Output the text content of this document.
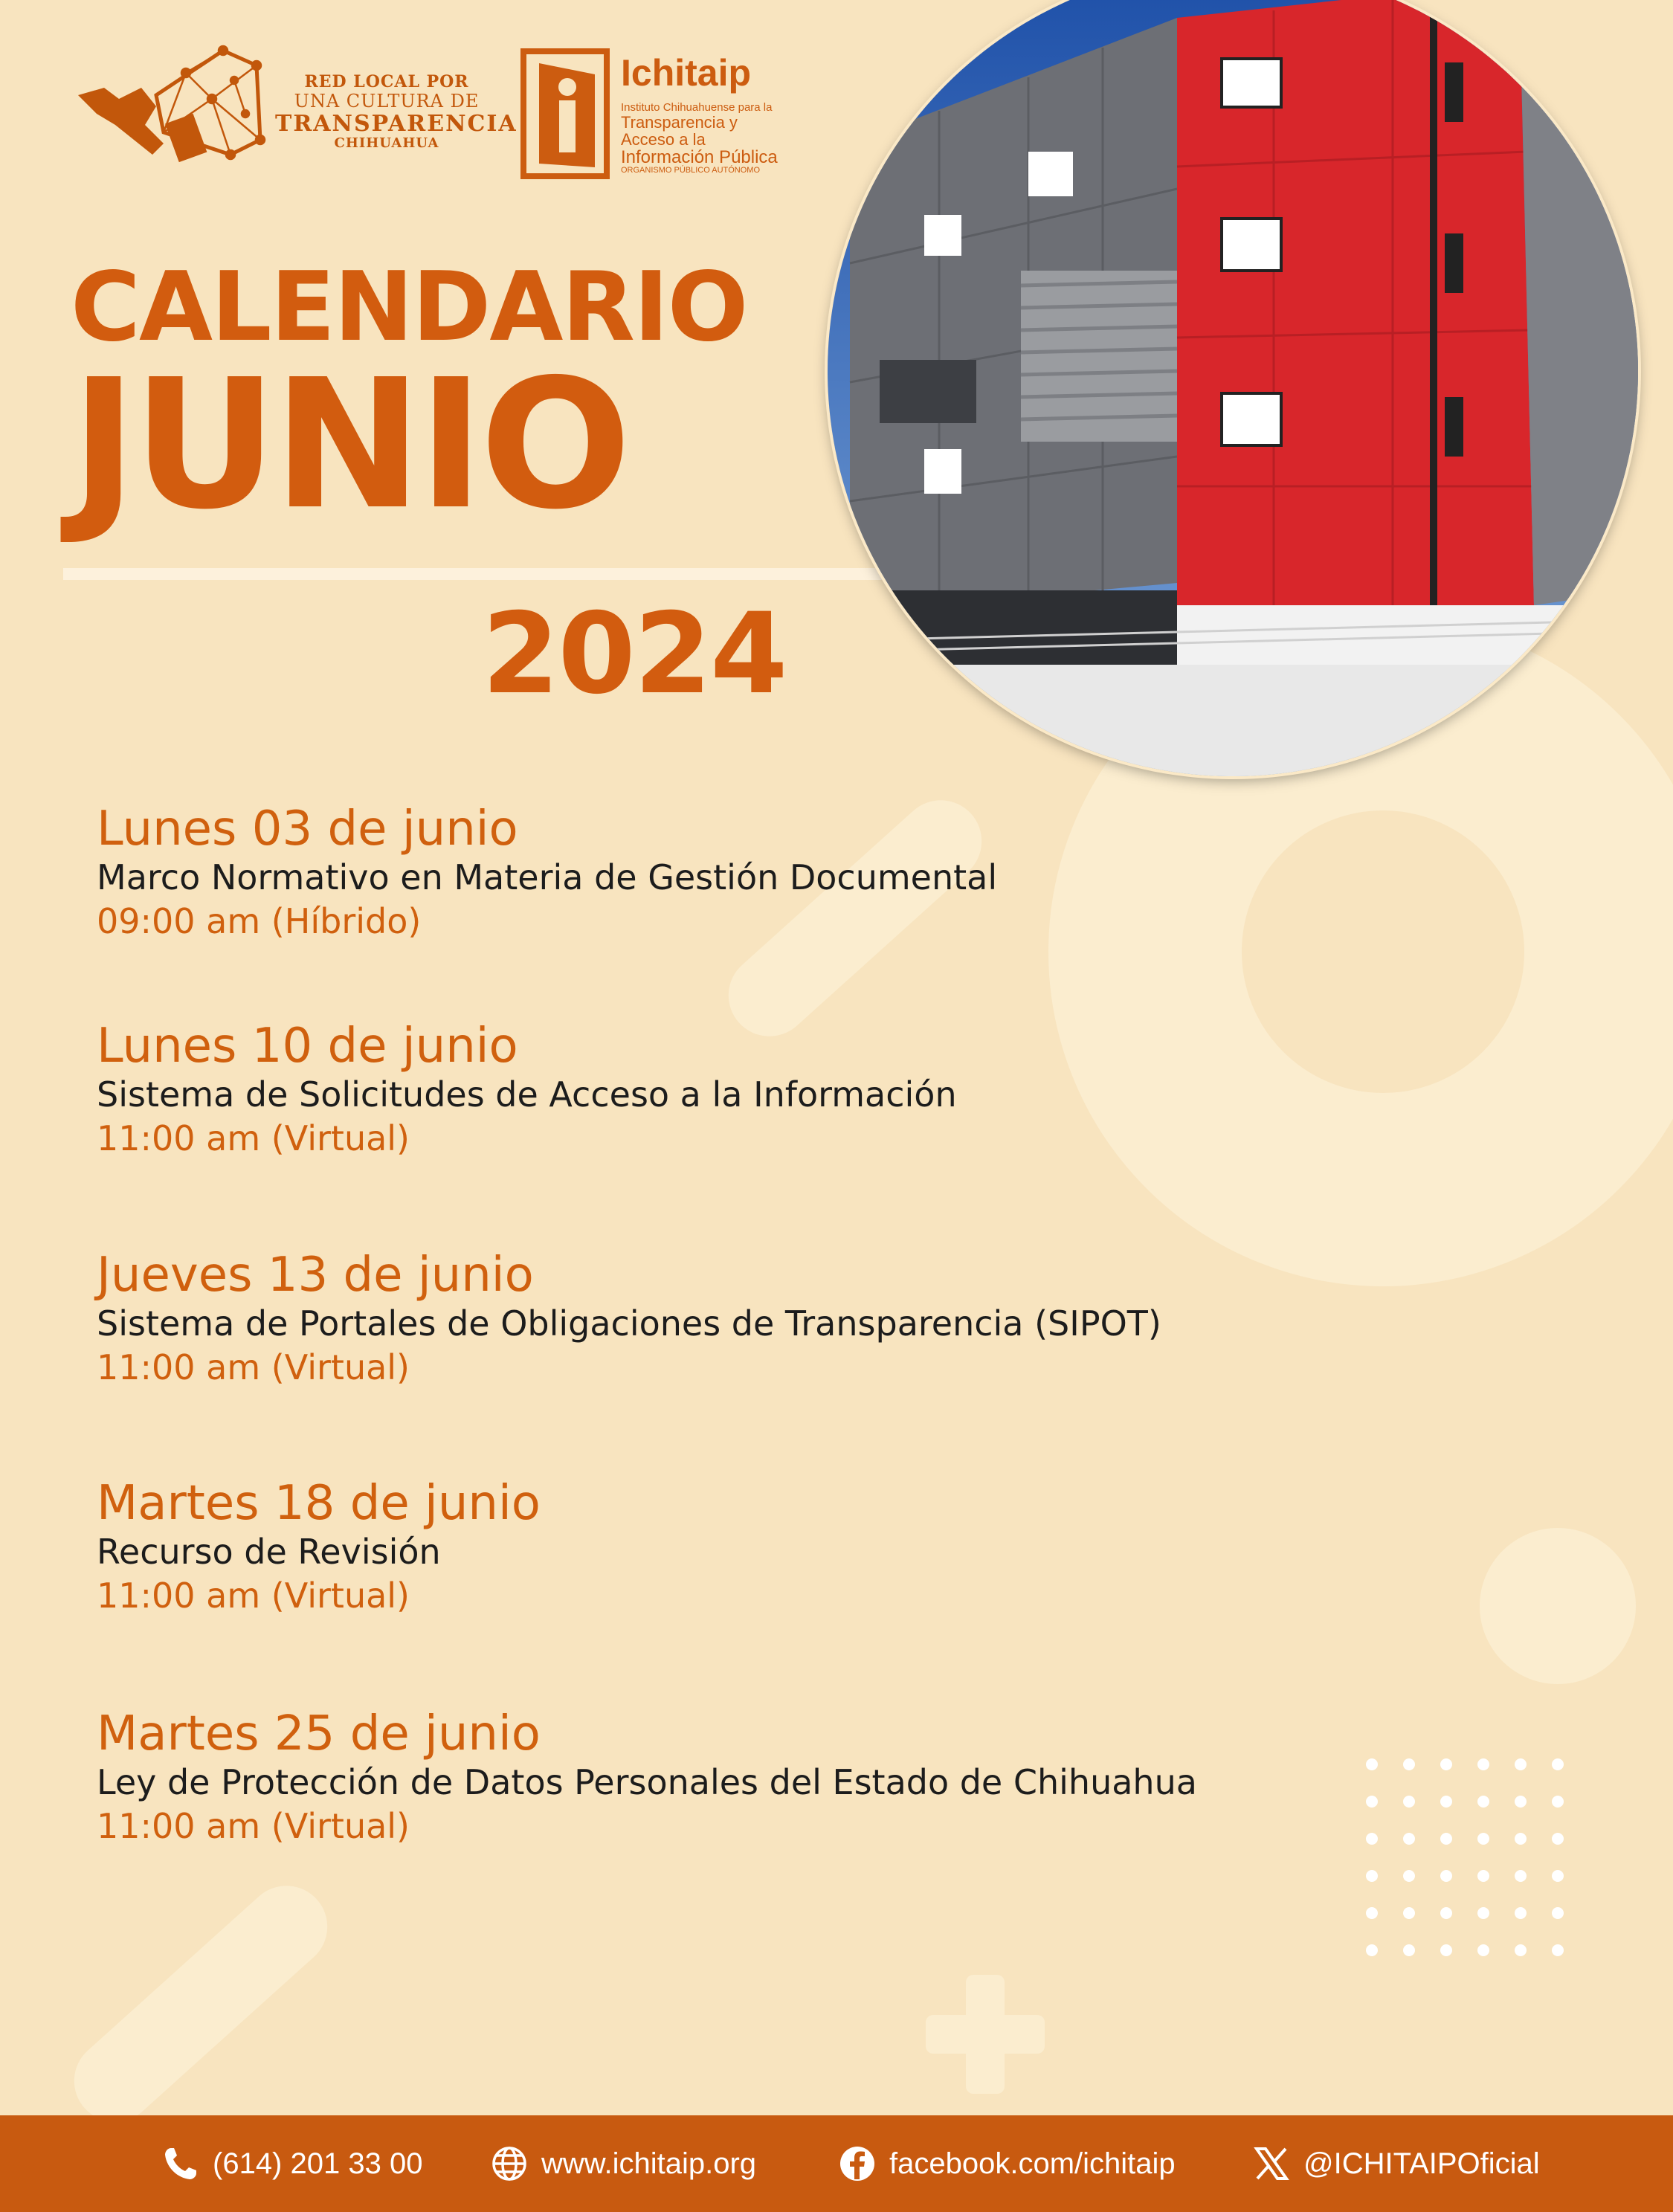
RED LOCAL POR
UNA CULTURA DE
TRANSPARENCIA
CHIHUAHUA
Ichitaip
Instituto Chihuahuense para la
Transparencia y
Acceso a la
Información Pública
ORGANISMO PÚBLICO AUTÓNOMO
CALENDARIO
JUNIO
2024
Lunes 03 de junio
Marco Normativo en Materia de Gestión Documental
09:00 am (Híbrido)
Lunes 10 de junio
Sistema de Solicitudes de Acceso a la Información
11:00 am (Virtual)
Jueves 13 de junio
Sistema de Portales de Obligaciones de Transparencia (SIPOT)
11:00 am (Virtual)
Martes 18 de junio
Recurso de Revisión
11:00 am (Virtual)
Martes 25 de junio
Ley de Protección de Datos Personales del Estado de Chihuahua
11:00 am (Virtual)
(614) 201 33 00	www.ichitaip.org	facebook.com/ichitaip	@ICHITAIPOficial
